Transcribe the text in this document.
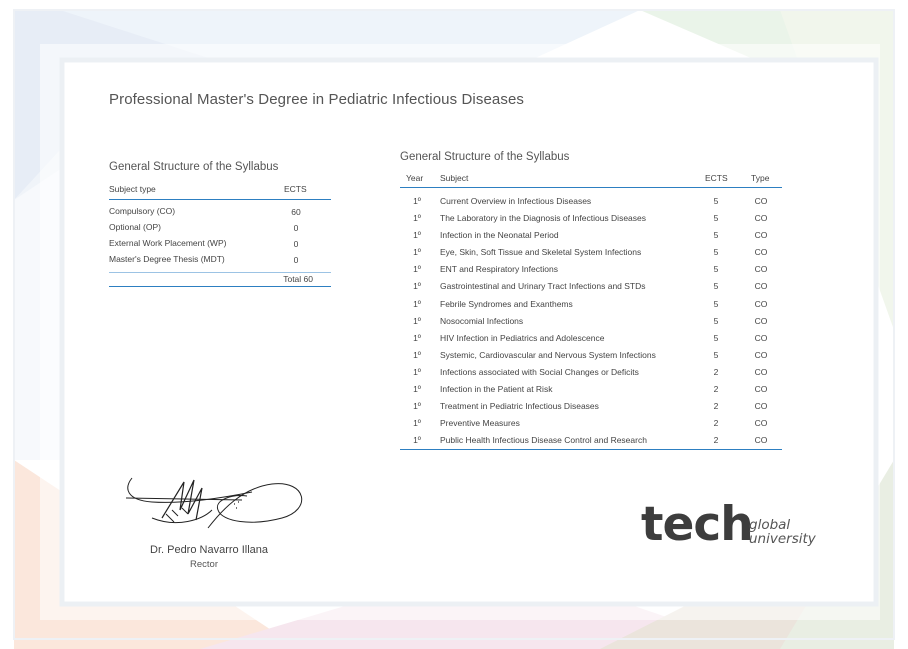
Professional Master's Degree in Pediatric Infectious Diseases
General Structure of the Syllabus
Subject type	ECTS
Compulsory (CO)	60
Optional (OP)	0
External Work Placement (WP)	0
Master's Degree Thesis (MDT)	0
Total 60
General Structure of the Syllabus
Year Subject	ECTS	Type
1º	Current Overview in Infectious Diseases	5	CO
1º	The Laboratory in the Diagnosis of Infectious Diseases	5	CO
1º	Infection in the Neonatal Period	5	CO
1º	Eye, Skin, Soft Tissue and Skeletal System Infections	5	CO
1º	ENT and Respiratory Infections	5	CO
1º	Gastrointestinal and Urinary Tract Infections and STDs	5	CO
1º	Febrile Syndromes and Exanthems	5	CO
1º	Nosocomial Infections	5	CO
1º	HIV Infection in Pediatrics and Adolescence	5	CO
1º	Systemic, Cardiovascular and Nervous System Infections	5	CO
1º	Infections associated with Social Changes or Deficits	2	CO
1º	Infection in the Patient at Risk	2	CO
1º	Treatment in Pediatric Infectious Diseases	2	CO
1º	Preventive Measures	2	CO
1º	Public Health Infectious Disease Control and Research	2	CO
Dr. Pedro Navarro Illana
Rector
tech
global
university
